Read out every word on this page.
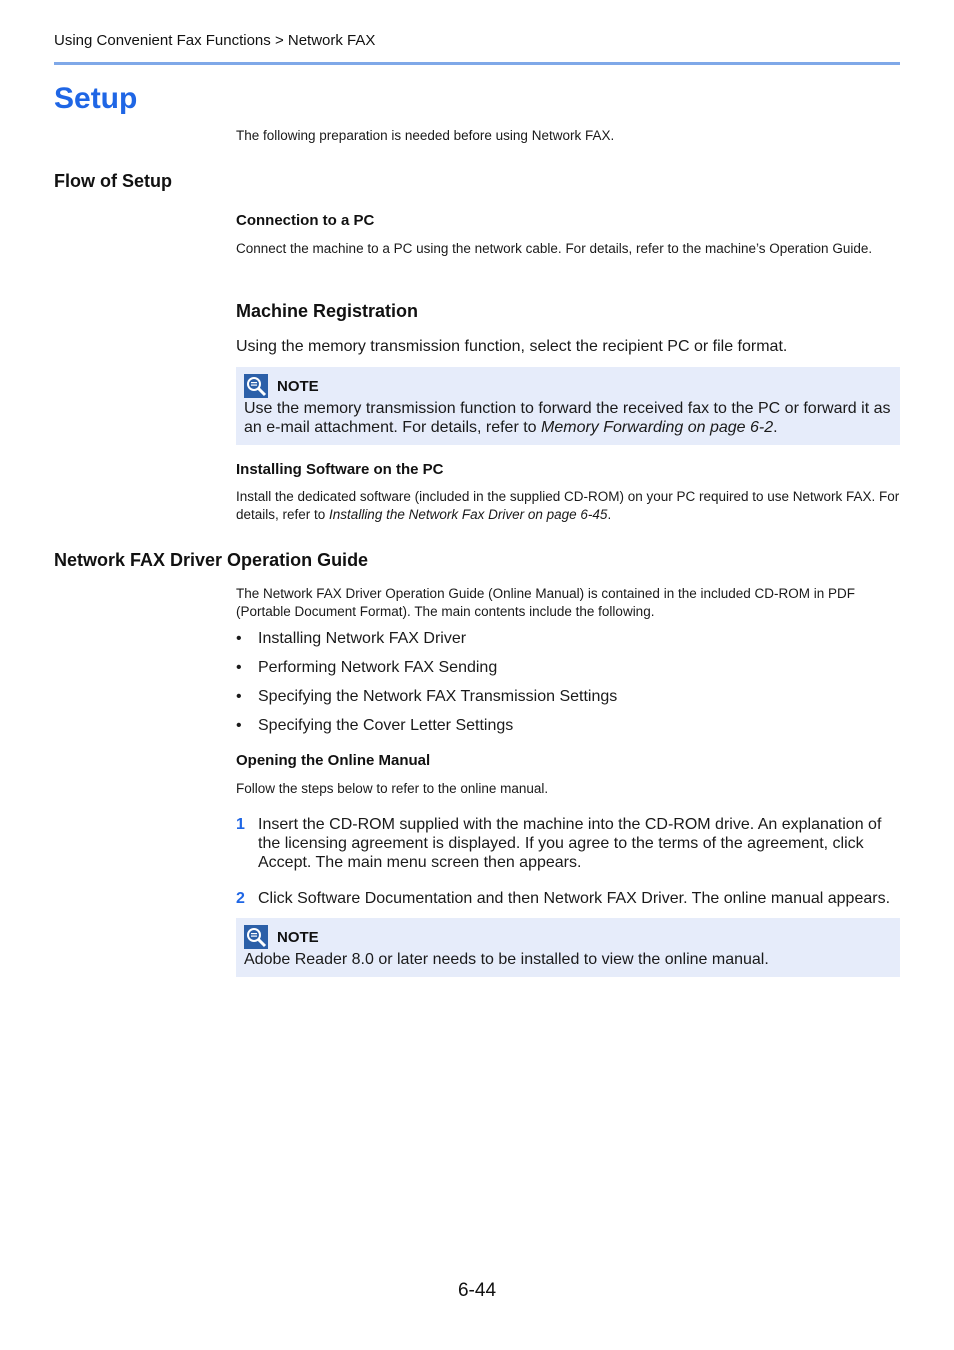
Using Convenient Fax Functions > Network FAX
Setup
The following preparation is needed before using Network FAX.
Flow of Setup
Connection to a PC
Connect the machine to a PC using the network cable. For details, refer to the machine’s Operation Guide.
Machine Registration
Using the memory transmission function, select the recipient PC or file format.
NOTE
Use the memory transmission function to forward the received fax to the PC or forward it as an e-mail attachment. For details, refer to Memory Forwarding on page 6-2.
Installing Software on the PC
Install the dedicated software (included in the supplied CD-ROM) on your PC required to use Network FAX. For details, refer to Installing the Network Fax Driver on page 6-45.
Network FAX Driver Operation Guide
The Network FAX Driver Operation Guide (Online Manual) is contained in the included CD-ROM in PDF (Portable Document Format). The main contents include the following.
•	Installing Network FAX Driver
•	Performing Network FAX Sending
•	Specifying the Network FAX Transmission Settings
•	Specifying the Cover Letter Settings
Opening the Online Manual
Follow the steps below to refer to the online manual.
1 Insert the CD-ROM supplied with the machine into the CD-ROM drive. An explanation of the licensing agreement is displayed. If you agree to the terms of the agreement, click Accept. The main menu screen then appears.
2 Click Software Documentation and then Network FAX Driver. The online manual appears.
NOTE
Adobe Reader 8.0 or later needs to be installed to view the online manual.
6-44
